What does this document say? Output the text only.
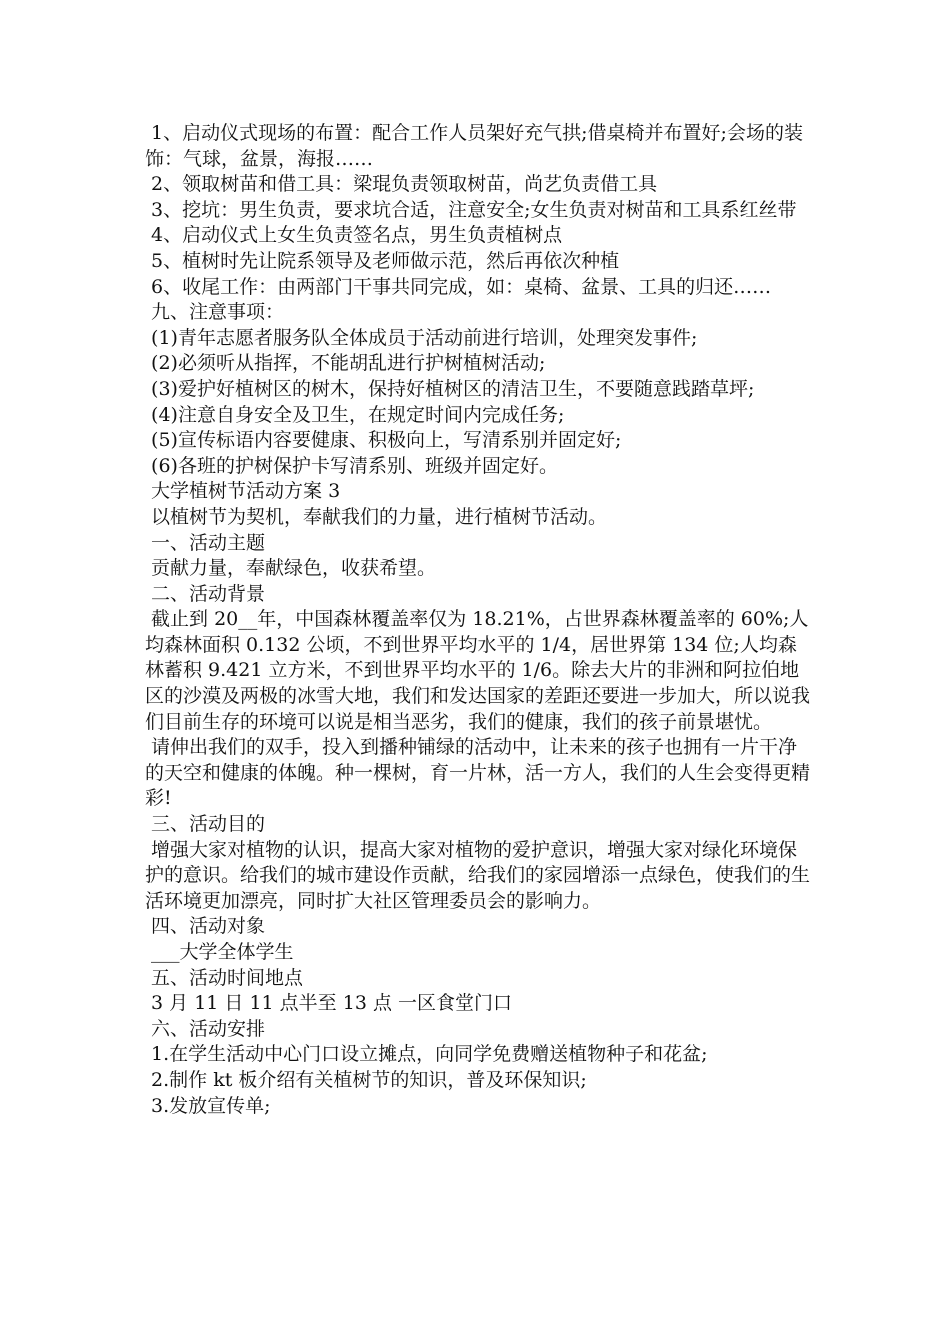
1、启动仪式现场的布置：配合工作人员架好充气拱;借桌椅并布置好;会场的装饰：气球，盆景，海报……

2、领取树苗和借工具：梁琨负责领取树苗，尚艺负责借工具

3、挖坑：男生负责，要求坑合适，注意安全;女生负责对树苗和工具系红丝带

4、启动仪式上女生负责签名点，男生负责植树点

5、植树时先让院系领导及老师做示范，然后再依次种植

6、收尾工作：由两部门干事共同完成，如：桌椅、盆景、工具的归还……

九、注意事项：

(1)青年志愿者服务队全体成员于活动前进行培训，处理突发事件;

(2)必须听从指挥，不能胡乱进行护树植树活动;

(3)爱护好植树区的树木，保持好植树区的清洁卫生，不要随意践踏草坪;

(4)注意自身安全及卫生，在规定时间内完成任务;

(5)宣传标语内容要健康、积极向上，写清系别并固定好;

(6)各班的护树保护卡写清系别、班级并固定好。

大学植树节活动方案 3

以植树节为契机，奉献我们的力量，进行植树节活动。

一、活动主题

贡献力量，奉献绿色，收获希望。

二、活动背景

截止到 20__年，中国森林覆盖率仅为 18.21%，占世界森林覆盖率的 60%;人均森林面积 0.132 公顷，不到世界平均水平的 1/4，居世界第 134 位;人均森林蓄积 9.421 立方米，不到世界平均水平的 1/6。除去大片的非洲和阿拉伯地区的沙漠及两极的冰雪大地，我们和发达国家的差距还要进一步加大，所以说我们目前生存的环境可以说是相当恶劣，我们的健康，我们的孩子前景堪忧。

请伸出我们的双手，投入到播种铺绿的活动中，让未来的孩子也拥有一片干净的天空和健康的体魄。种一棵树，育一片林，活一方人，我们的人生会变得更精彩!

三、活动目的

增强大家对植物的认识，提高大家对植物的爱护意识，增强大家对绿化环境保护的意识。给我们的城市建设作贡献，给我们的家园增添一点绿色，使我们的生活环境更加漂亮，同时扩大社区管理委员会的影响力。

四、活动对象

___大学全体学生

五、活动时间地点

3 月 11 日 11 点半至 13 点 一区食堂门口

六、活动安排

1.在学生活动中心门口设立摊点，向同学免费赠送植物种子和花盆;

2.制作 kt 板介绍有关植树节的知识，普及环保知识;

3.发放宣传单;
